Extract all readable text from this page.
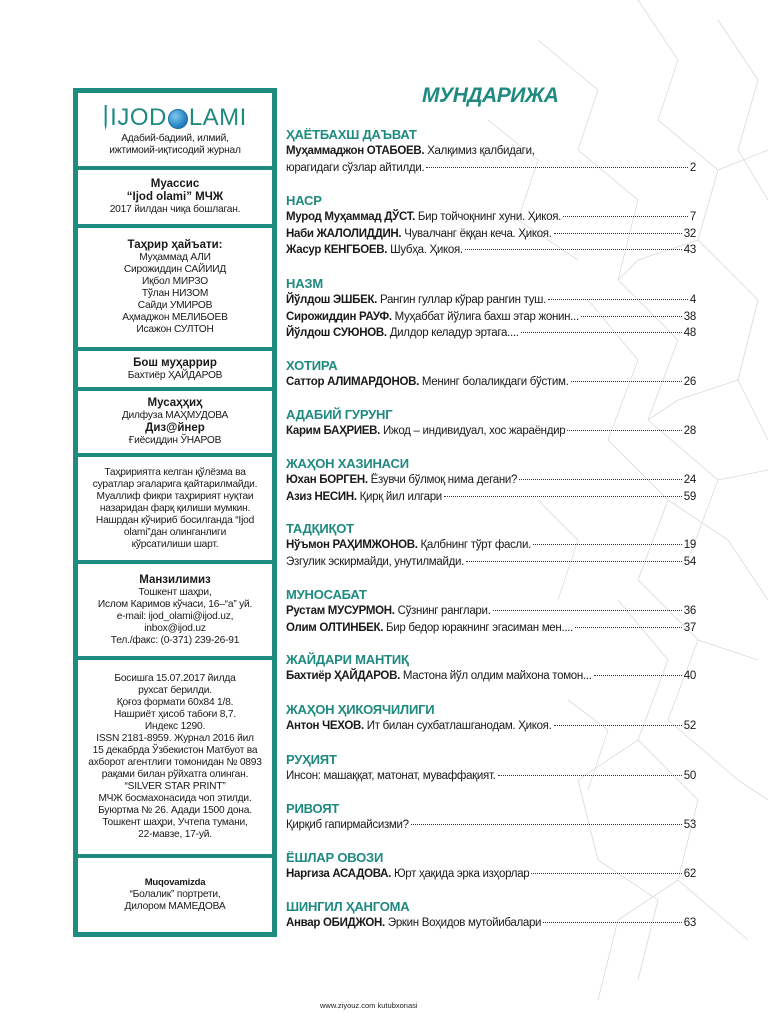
IJOD LAMI
Адабий-бадиий, илмий,
ижтимоий-иқтисодий журнал
Муассис
“Ijod olami” МЧЖ
2017 йилдан чиқа бошлаган.
Таҳрир ҳайъати:
Муҳаммад АЛИ
Сирожиддин САЙИИД
Иқбол МИРЗО
Тўлан НИЗОМ
Сайди УМИРОВ
Аҳмаджон МЕЛИБОЕВ
Исажон СУЛТОН
Бош муҳаррир
Бахтиёр ҲАЙДАРОВ
Мусаҳҳиҳ
Дилфуза МАҲМУДОВА
Диз@йнер
Ғиёсиддин ЎНАРОВ
Таҳририятга келган қўлёзма ва
суратлар эгаларига қайтарилмайди.
Муаллиф фикри таҳририят нуқтаи
назаридан фарқ қилиши мумкин.
Нашрдан кўчириб босилганда “Ijod
olami”дан олинганлиги
кўрсатилиши шарт.
Манзилимиз
Тошкент шаҳри,
Ислом Каримов кўчаси, 16–“а” уй.
e-mail: ijod_olami@ijod.uz,
inbox@ijod.uz
Тел./факс: (0-371) 239-26-91
Босишга 15.07.2017 йилда
рухсат берилди.
Қоғоз формати 60x84 1/8.
Нашриёт ҳисоб табоғи 8,7.
Индекс 1290.
ISSN 2181-8959. Журнал 2016 йил
15 декабрда Ўзбекистон Матбуот ва
ахборот агентлиги томонидан № 0893
рақами билан рўйхатга олинган.
“SILVER STAR PRINT”
МЧЖ босмахонасида чоп этилди.
Буюртма № 26. Адади 1500 дона.
Тошкент шаҳри, Учтепа тумани,
22-мавзе, 17-уй.
Muqovamizda
“Болалик” портрети,
Дилором МАМЕДОВА
МУНДАРИЖА
ҲАЁТБАХШ ДАЪВАТ
Муҳаммаджон ОТАБОЕВ. Халқимиз қалбидаги,
юрагидаги сўзлар айтилди.	2
НАСР
Мурод Муҳаммад ДЎСТ. Бир тойчоқнинг хуни. Ҳикоя.	7
Наби ЖАЛОЛИДДИН. Чувалчанг ёққан кеча. Ҳикоя.	32
Жасур КЕНГБОЕВ. Шубҳа. Ҳикоя.	43
НАЗМ
Йўлдош ЭШБЕК. Рангин гуллар кўрар рангин туш.	4
Сирожиддин РАУФ. Муҳаббат йўлига бахш этар жонин...	38
Йўлдош СУЮНОВ. Дилдор келадур эртага....	48
ХОТИРА
Саттор АЛИМАРДОНОВ. Менинг болаликдаги бўстим.	26
АДАБИЙ ГУРУНГ
Карим БАҲРИЕВ. Ижод – индивидуал, хос жараёндир	28
ЖАҲОН ХАЗИНАСИ
Юхан БОРГЕН. Ёзувчи бўлмоқ нима дегани?	24
Азиз НЕСИН. Қирқ йил илгари	59
ТАДҚИҚОТ
Нўъмон РАҲИМЖОНОВ. Қалбнинг тўрт фасли.	19
Эзгулик эскирмайди, унутилмайди.	54
МУНОСАБАТ
Рустам МУСУРМОН. Сўзнинг ранглари.	36
Олим ОЛТИНБЕК. Бир бедор юракнинг эгасиман мен....	37
ЖАЙДАРИ МАНТИҚ
Бахтиёр ҲАЙДАРОВ. Мастона йўл олдим майхона томон...	40
ЖАҲОН ҲИКОЯЧИЛИГИ
Антон ЧЕХОВ. Ит билан сухбатлашганодам. Ҳикоя.	52
РУҲИЯТ
Инсон: машаққат, матонат, муваффақият.	50
РИВОЯТ
Қирқиб гапирмайсизми?	53
ЁШЛАР ОВОЗИ
Наргиза АСАДОВА. Юрт ҳақида эрка изҳорлар	62
ШИНГИЛ ҲАНГОМА
Анвар ОБИДЖОН. Эркин Воҳидов мутойибалари	63
www.ziyouz.com kutubxonasi
